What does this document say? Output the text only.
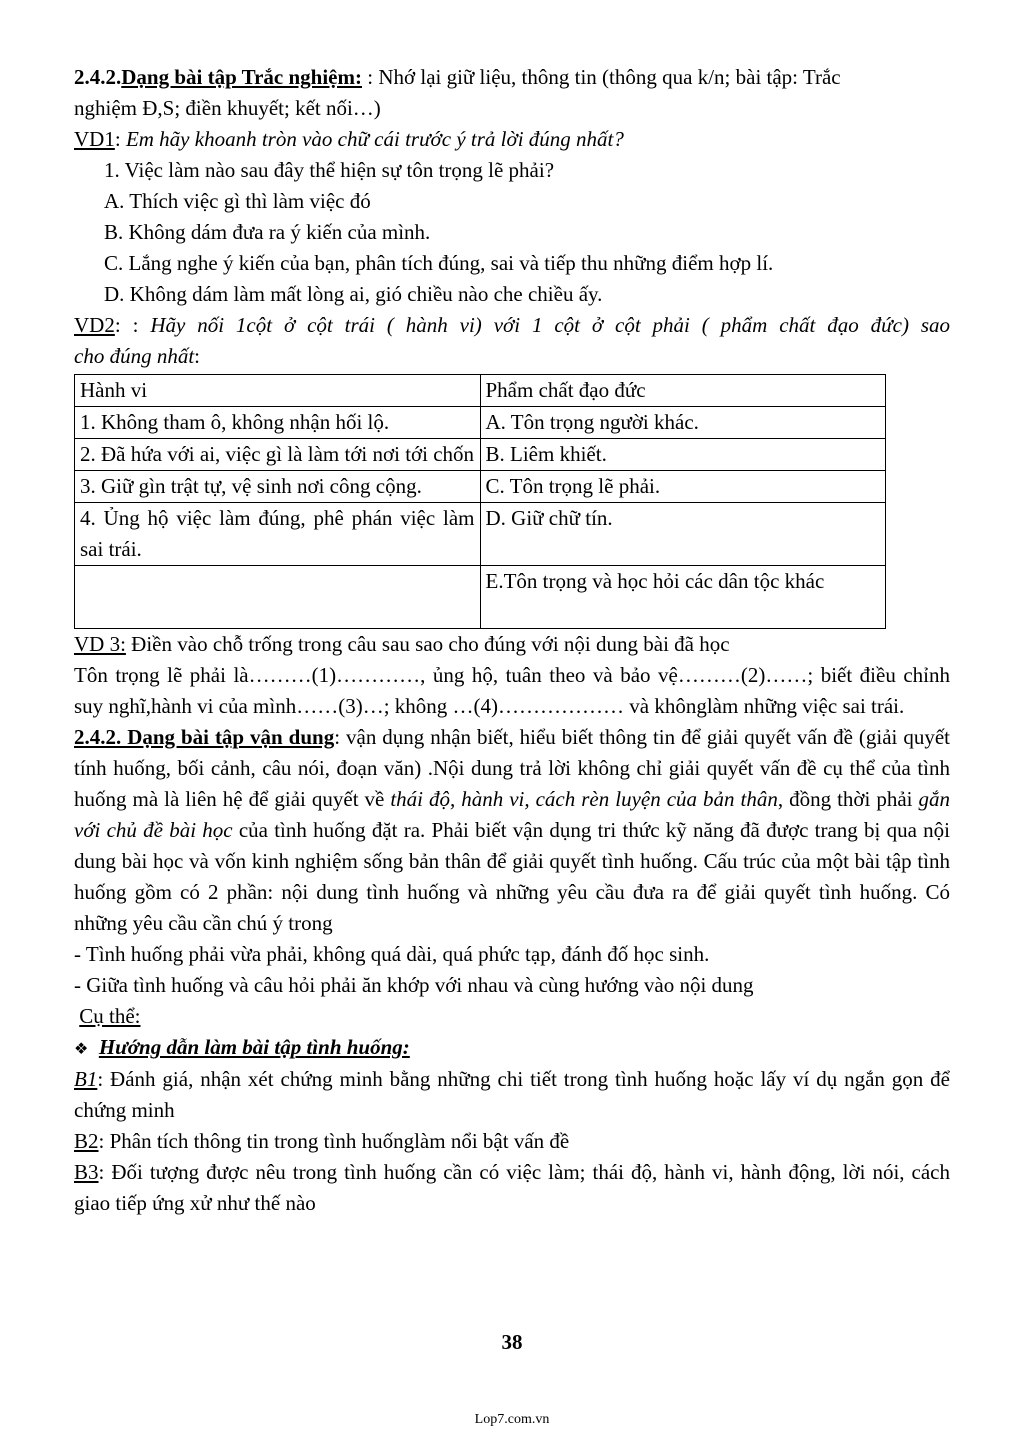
2.4.2.Dạng bài tập Trắc nghiệm: : Nhớ lại giữ liệu, thông tin (thông qua k/n; bài tập: Trắc

nghiệm Đ,S; điền khuyết; kết nối…)

VD1: Em hãy khoanh tròn vào chữ cái trước ý trả lời đúng nhất?

1. Việc làm nào sau đây thể hiện sự tôn trọng lẽ phải?

A. Thích việc gì thì làm việc đó

B. Không dám đưa ra ý kiến của mình.

C. Lắng nghe ý kiến của bạn, phân tích đúng, sai và tiếp thu những điểm hợp lí.

D. Không dám làm mất lòng ai, gió chiều nào che chiều ấy.

VD2: : Hãy nối 1cột ở cột trái ( hành vi) với 1 cột ở cột phải ( phẩm chất đạo đức) sao

cho đúng nhất:

Hành vi	Phẩm chất đạo đức
1. Không tham ô, không nhận hối lộ.	A. Tôn trọng người khác.
2. Đã hứa với ai, việc gì là làm tới nơi tới chốn	B. Liêm khiết.
3. Giữ gìn trật tự, vệ sinh nơi công cộng.	C. Tôn trọng lẽ phải.
4. Ủng hộ việc làm đúng, phê phán việc làm sai trái.	D. Giữ chữ tín.
	E.Tôn trọng và học hỏi các dân tộc khác

VD 3: Điền vào chỗ trống trong câu sau sao cho đúng với nội dung bài đã học

Tôn trọng lẽ phải là………(1)…………, ủng hộ, tuân theo và bảo vệ………(2)……; biết điều chỉnh suy nghĩ,hành vi của mình……(3)…; không …(4)……………… và khônglàm những việc sai trái.

2.4.2. Dạng bài tập vận dung: vận dụng nhận biết, hiểu biết thông tin để giải quyết vấn đề (giải quyết tính huống, bối cảnh, câu nói, đoạn văn) .Nội dung trả lời không chỉ giải quyết vấn đề cụ thể của tình huống mà là liên hệ để giải quyết về thái độ, hành vi, cách rèn luyện của bản thân, đồng thời phải gắn với chủ đề bài học của tình huống đặt ra. Phải biết vận dụng tri thức kỹ năng đã được trang bị qua nội dung bài học và vốn kinh nghiệm sống bản thân để giải quyết tình huống. Cấu trúc của một bài tập tình huống gồm có 2 phần: nội dung tình huống và những yêu cầu đưa ra để giải quyết tình huống. Có những yêu cầu cần chú ý trong

- Tình huống phải vừa phải, không quá dài, quá phức tạp, đánh đố học sinh.

- Giữa tình huống và câu hỏi phải ăn khớp với nhau và cùng hướng vào nội dung

Cụ thể:

❖ Hướng dẫn làm bài tập tình huống:

B1: Đánh giá, nhận xét chứng minh bằng những chi tiết trong tình huống hoặc lấy ví dụ ngắn gọn để chứng minh

B2: Phân tích thông tin trong tình huốnglàm nổi bật vấn đề

B3: Đối tượng được nêu trong tình huống cần có việc làm; thái độ, hành vi, hành động, lời nói, cách giao tiếp ứng xử như thế nào

38
Lop7.com.vn
